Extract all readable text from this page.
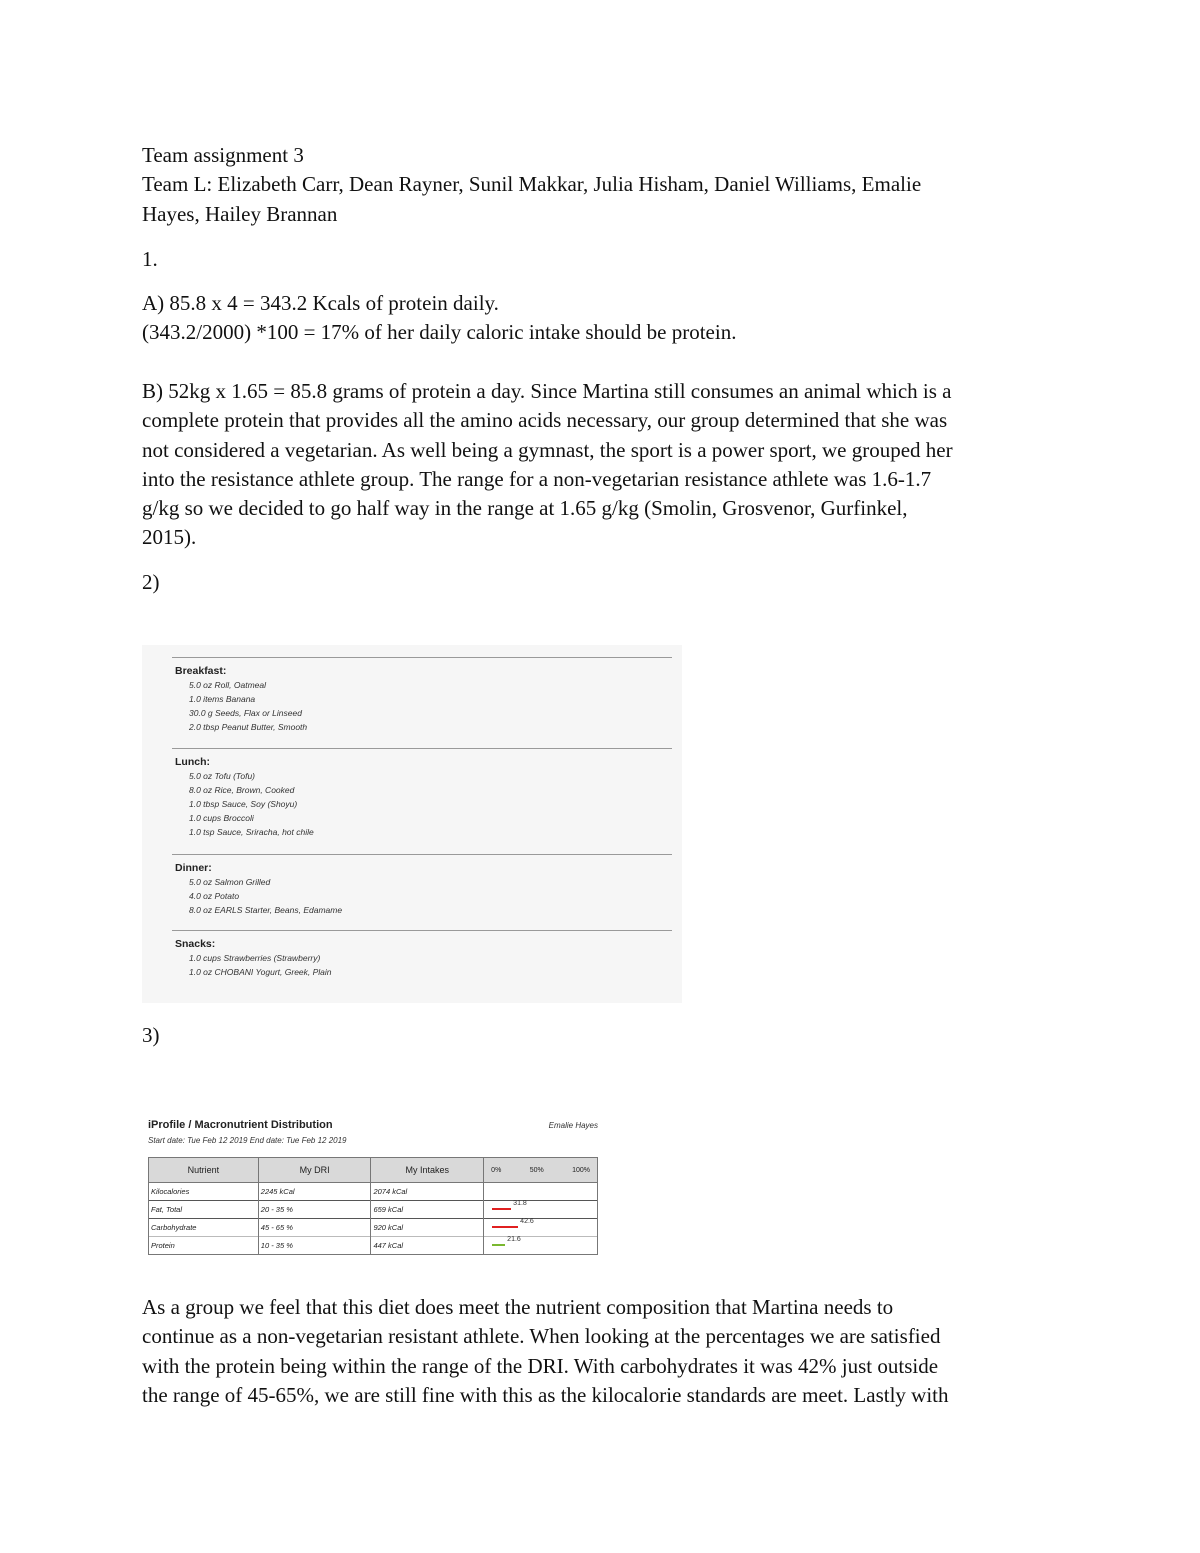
Team assignment 3
Team L: Elizabeth Carr, Dean Rayner, Sunil Makkar, Julia Hisham, Daniel Williams, Emalie
Hayes, Hailey Brannan
1.
A) 85.8 x 4 = 343.2 Kcals of protein daily.
(343.2/2000) *100 = 17% of her daily caloric intake should be protein.
B) 52kg x 1.65 = 85.8 grams of protein a day. Since Martina still consumes an animal which is a
complete protein that provides all the amino acids necessary, our group determined that she was
not considered a vegetarian. As well being a gymnast, the sport is a power sport, we grouped her
into the resistance athlete group. The range for a non-vegetarian resistance athlete was 1.6-1.7
g/kg so we decided to go half way in the range at 1.65 g/kg (Smolin, Grosvenor, Gurfinkel,
2015).
2)
Breakfast:
5.0 oz Roll, Oatmeal
1.0 items Banana
30.0 g Seeds, Flax or Linseed
2.0 tbsp Peanut Butter, Smooth
Lunch:
5.0 oz Tofu (Tofu)
8.0 oz Rice, Brown, Cooked
1.0 tbsp Sauce, Soy (Shoyu)
1.0 cups Broccoli
1.0 tsp Sauce, Sriracha, hot chile
Dinner:
5.0 oz Salmon Grilled
4.0 oz Potato
8.0 oz EARLS Starter, Beans, Edamame
Snacks:
1.0 cups Strawberries (Strawberry)
1.0 oz CHOBANI Yogurt, Greek, Plain
3)
iProfile / Macronutrient Distribution
Start date: Tue Feb 12 2019 End date: Tue Feb 12 2019
Emalie Hayes
Nutrient	My DRI	My Intakes	0% 50% 100%

Kilocalories	2245 kCal	2074 kCal	
Fat, Total	20 - 35 %	659 kCal	31.8

Carbohydrate	45 - 65 %	920 kCal	42.6

Protein	10 - 35 %	447 kCal	21.6
As a group we feel that this diet does meet the nutrient composition that Martina needs to
continue as a non-vegetarian resistant athlete. When looking at the percentages we are satisfied
with the protein being within the range of the DRI. With carbohydrates it was 42% just outside
the range of 45-65%, we are still fine with this as the kilocalorie standards are meet. Lastly with
